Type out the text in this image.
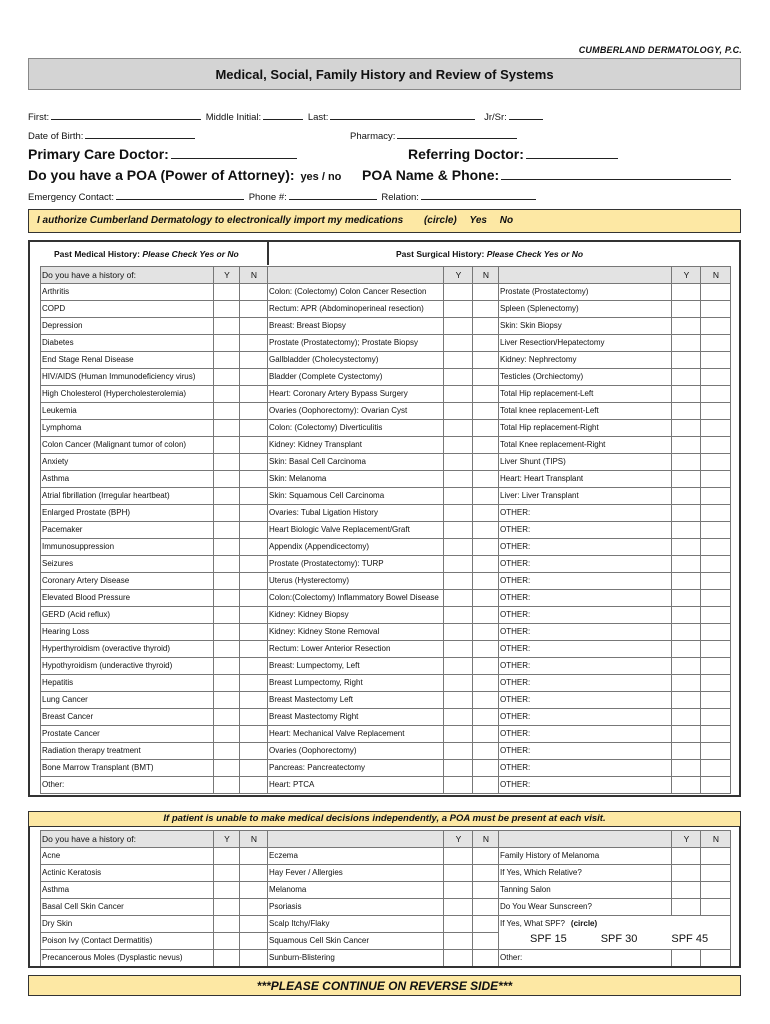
CUMBERLAND DERMATOLOGY, P.C.
Medical, Social, Family History and Review of Systems
First:	Middle Initial:	Last:	Jr/Sr:
Date of Birth:	Pharmacy:
Primary Care Doctor:	Referring Doctor:
Do you have a POA (Power of Attorney): yes / no POA Name & Phone:
Emergency Contact:	Phone #:	Relation:
I authorize Cumberland Dermatology to electronically import my medications (circle) Yes No
Past Medical History: Please Check Yes or No	Past Surgical History: Please Check Yes or No
Do you have a history of:	Y	N		Y	N		Y	N
Arthritis			Colon: (Colectomy) Colon Cancer Resection			Prostate (Prostatectomy)		
COPD			Rectum: APR (Abdominoperineal resection)			Spleen (Splenectomy)		
Depression			Breast: Breast Biopsy			Skin: Skin Biopsy		
Diabetes			Prostate (Prostatectomy); Prostate Biopsy			Liver Resection/Hepatectomy		
End Stage Renal Disease			Gallbladder (Cholecystectomy)			Kidney: Nephrectomy		
HIV/AIDS (Human Immunodeficiency virus)			Bladder (Complete Cystectomy)			Testicles (Orchiectomy)		
High Cholesterol (Hypercholesterolemia)			Heart: Coronary Artery Bypass Surgery			Total Hip replacement-Left		
Leukemia			Ovaries (Oophorectomy): Ovarian Cyst			Total knee replacement-Left		
Lymphoma			Colon: (Colectomy) Diverticulitis			Total Hip replacement-Right		
Colon Cancer (Malignant tumor of colon)			Kidney: Kidney Transplant			Total Knee replacement-Right		
Anxiety			Skin: Basal Cell Carcinoma			Liver Shunt (TIPS)		
Asthma			Skin: Melanoma			Heart: Heart Transplant		
Atrial fibrillation (Irregular heartbeat)			Skin: Squamous Cell Carcinoma			Liver: Liver Transplant		
Enlarged Prostate (BPH)			Ovaries: Tubal Ligation History			OTHER:		
Pacemaker			Heart Biologic Valve Replacement/Graft			OTHER:		
Immunosuppression			Appendix (Appendicectomy)			OTHER:		
Seizures			Prostate (Prostatectomy): TURP			OTHER:		
Coronary Artery Disease			Uterus (Hysterectomy)			OTHER:		
Elevated Blood Pressure			Colon:(Colectomy) Inflammatory Bowel Disease			OTHER:		
GERD (Acid reflux)			Kidney: Kidney Biopsy			OTHER:		
Hearing Loss			Kidney: Kidney Stone Removal			OTHER:		
Hyperthyroidism (overactive thyroid)			Rectum: Lower Anterior Resection			OTHER:		
Hypothyroidism (underactive thyroid)			Breast: Lumpectomy, Left			OTHER:		
Hepatitis			Breast Lumpectomy, Right			OTHER:		
Lung Cancer			Breast Mastectomy Left			OTHER:		
Breast Cancer			Breast Mastectomy Right			OTHER:		
Prostate Cancer			Heart: Mechanical Valve Replacement			OTHER:		
Radiation therapy treatment			Ovaries (Oophorectomy)			OTHER:		
Bone Marrow Transplant (BMT)			Pancreas: Pancreatectomy			OTHER:		
Other:			Heart: PTCA			OTHER:		
If patient is unable to make medical decisions independently, a POA must be present at each visit.
Do you have a history of:	Y	N		Y	N		Y	N
Acne			Eczema			Family History of Melanoma		
Actinic Keratosis			Hay Fever / Allergies			If Yes, Which Relative?		
Asthma			Melanoma			Tanning Salon		
Basal Cell Skin Cancer			Psoriasis			Do You Wear Sunscreen?		
Dry Skin			Scalp Itchy/Flaky			If Yes, What SPF? (circle)
SPF 15 SPF 30 SPF 45		

Poison Ivy (Contact Dermatitis)			Squamous Cell Skin Cancer					
Precancerous Moles (Dysplastic nevus)			Sunburn-Blistering			Other:		
***PLEASE CONTINUE ON REVERSE SIDE***
